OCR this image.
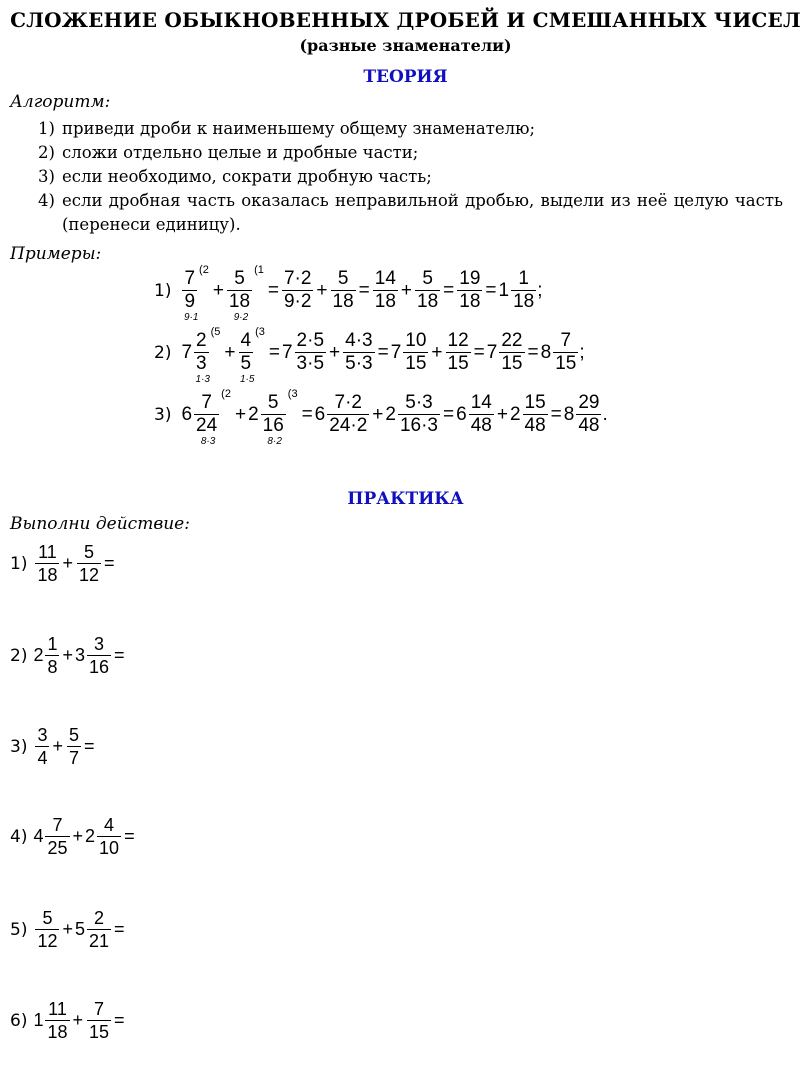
СЛОЖЕНИЕ ОБЫКНОВЕННЫХ ДРОБЕЙ И СМЕШАННЫХ ЧИСЕЛ
(разные знаменатели)
ТЕОРИЯ
Алгоритм:
1) приведи дроби к наименьшему общему знаменателю;
2) сложи отдельно целые и дробные части;
3) если необходимо, сократи дробную часть;
4) если дробная часть оказалась неправильной дробью, выдели из неё целую часть (перенеси единицу).
Примеры:
1)
7
9
9·1
(2
+
5
18
9·2
(1
= $\frac{7\cdot 2}{9\cdot 2} + \frac{5}{18} = \frac{14}{18} + \frac{5}{18} = \frac{19}{18} = 1$
1
18
;
2) 7
2
3
1·3
(5
+
4
5
1·5
(3
= 7
2·5
3·5
+ $\frac{4\cdot 3}{5\cdot 3} = 7$
10
15
+ $\frac{12}{15} = 7 \frac{22}{15} = 8$
7
15
;
3) 6
7
24
8·3
(2
+ 2
5
16
8·2
(3
= 6
7·2
24·2
+ $2 \frac{5\cdot 3}{16\cdot 3} = 6$
14
48
+ $2 \frac{15}{48} = 8$
29
48
.
ПРАКТИКА
Выполни действие:
1)
11
18
+ $\frac{5}{12}$ =
2) 2
1
8
+ $3 \frac{3}{16}$ =
3)
3
4
+ $\frac{5}{7}$ =
4) 4
7
25
+ $2 \frac{4}{10}$ =
5)
5
12
+ $5 \frac{2}{21}$ =
6) 1
11
18
+ $\frac{7}{15}$ =
